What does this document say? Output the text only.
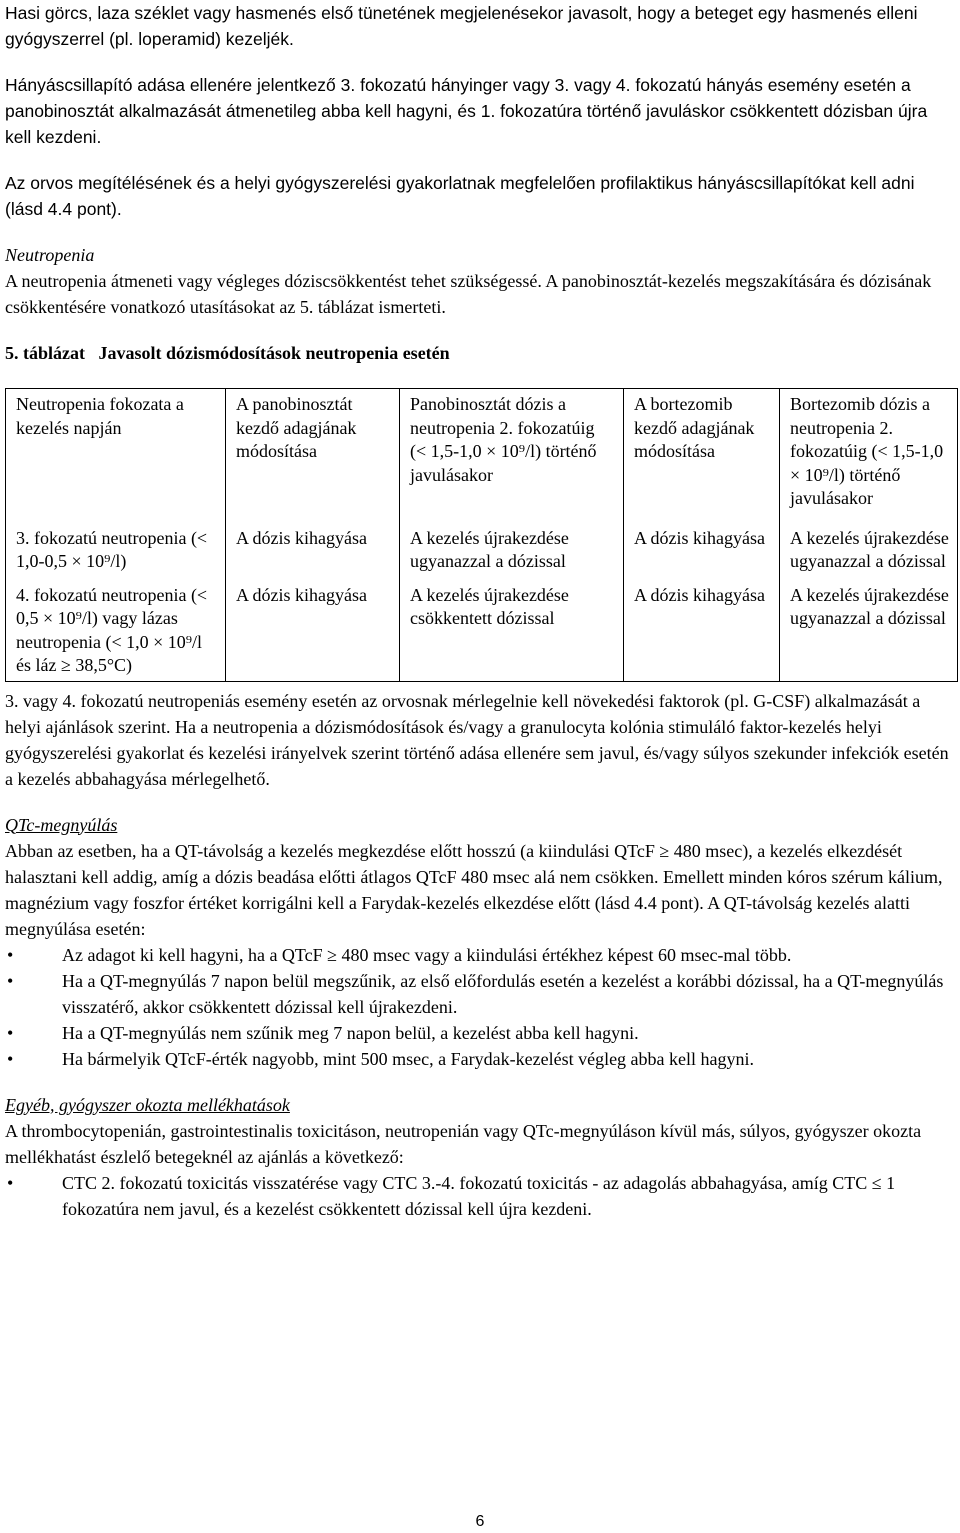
Hasi görcs, laza széklet vagy hasmenés első tünetének megjelenésekor javasolt, hogy a beteget egy hasmenés elleni gyógyszerrel (pl. loperamid) kezeljék.

Hányáscsillapító adása ellenére jelentkező 3. fokozatú hányinger vagy 3. vagy 4. fokozatú hányás esemény esetén a panobinosztát alkalmazását átmenetileg abba kell hagyni, és 1. fokozatúra történő javuláskor csökkentett dózisban újra kell kezdeni.

Az orvos megítélésének és a helyi gyógyszerelési gyakorlatnak megfelelően profilaktikus hányáscsillapítókat kell adni (lásd 4.4 pont).

Neutropenia

A neutropenia átmeneti vagy végleges dóziscsökkentést tehet szükségessé. A panobinosztát-kezelés megszakítására és dózisának csökkentésére vonatkozó utasításokat az 5. táblázat ismerteti.

5. táblázat   Javasolt dózismódosítások neutropenia esetén

Neutropenia fokozata a kezelés napján	A panobinosztát kezdő adagjának módosítása	Panobinosztát dózis a neutropenia 2. fokozatúig (< 1,5-1,0 × 10⁹/l) történő javulásakor	A bortezomib kezdő adagjának módosítása	Bortezomib dózis a neutropenia 2. fokozatúig (< 1,5-1,0 × 10⁹/l) történő javulásakor
3. fokozatú neutropenia (< 1,0-0,5 × 10⁹/l)	A dózis kihagyása	A kezelés újrakezdése ugyanazzal a dózissal	A dózis kihagyása	A kezelés újrakezdése ugyanazzal a dózissal
4. fokozatú neutropenia (< 0,5 × 10⁹/l) vagy lázas neutropenia (< 1,0 × 10⁹/l és láz ≥ 38,5°C)	A dózis kihagyása	A kezelés újrakezdése csökkentett dózissal	A dózis kihagyása	A kezelés újrakezdése ugyanazzal a dózissal

3. vagy 4. fokozatú neutropeniás esemény esetén az orvosnak mérlegelnie kell növekedési faktorok (pl. G-CSF) alkalmazását a helyi ajánlások szerint. Ha a neutropenia a dózismódosítások és/vagy a granulocyta kolónia stimuláló faktor-kezelés helyi gyógyszerelési gyakorlat és kezelési irányelvek szerint történő adása ellenére sem javul, és/vagy súlyos szekunder infekciók esetén a kezelés abbahagyása mérlegelhető.

QTc-megnyúlás

Abban az esetben, ha a QT-távolság a kezelés megkezdése előtt hosszú (a kiindulási QTcF ≥ 480 msec), a kezelés elkezdését halasztani kell addig, amíg a dózis beadása előtti átlagos QTcF 480 msec alá nem csökken. Emellett minden kóros szérum kálium, magnézium vagy foszfor értéket korrigálni kell a Farydak-kezelés elkezdése előtt (lásd 4.4 pont). A QT-távolság kezelés alatti megnyúlása esetén:

•	Az adagot ki kell hagyni, ha a QTcF ≥ 480 msec vagy a kiindulási értékhez képest 60 msec-mal több.
•	Ha a QT-megnyúlás 7 napon belül megszűnik, az első előfordulás esetén a kezelést a korábbi dózissal, ha a QT-megnyúlás visszatérő, akkor csökkentett dózissal kell újrakezdeni.
•	Ha a QT-megnyúlás nem szűnik meg 7 napon belül, a kezelést abba kell hagyni.
•	Ha bármelyik QTcF-érték nagyobb, mint 500 msec, a Farydak-kezelést végleg abba kell hagyni.

Egyéb, gyógyszer okozta mellékhatások

A thrombocytopenián, gastrointestinalis toxicitáson, neutropenián vagy QTc-megnyúláson kívül más, súlyos, gyógyszer okozta mellékhatást észlelő betegeknél az ajánlás a következő:

•	CTC 2. fokozatú toxicitás visszatérése vagy CTC 3.-4. fokozatú toxicitás - az adagolás abbahagyása, amíg CTC ≤ 1 fokozatúra nem javul, és a kezelést csökkentett dózissal kell újra kezdeni.
6
